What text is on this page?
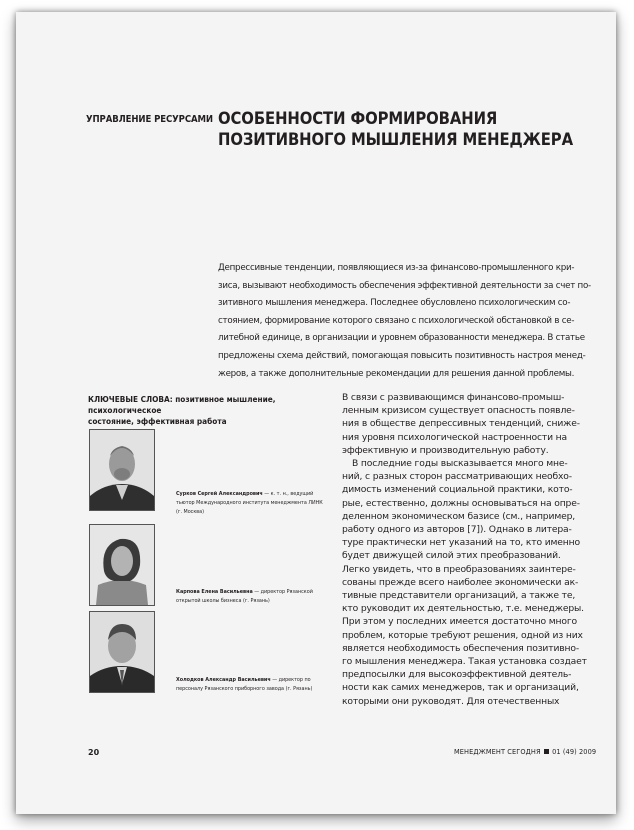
УПРАВЛЕНИЕ РЕСУРСАМИ ОСОБЕННОСТИ ФОРМИРОВАНИЯ
ПОЗИТИВНОГО МЫШЛЕНИЯ МЕНЕДЖЕРА
Депрессивные тенденции, появляющиеся из-за финансово-промышленного кри-
зиса, вызывают необходимость обеспечения эффективной деятельности за счет по-
зитивного мышления менеджера. Последнее обусловлено психологическим со-
стоянием, формирование которого связано с психологической обстановкой в се-
литебной единице, в организации и уровнем образованности менеджера. В статье
предложены схема действий, помогающая повысить позитивность настроя менед-
жеров, а также дополнительные рекомендации для решения данной проблемы.
КЛЮЧЕВЫЕ СЛОВА: позитивное мышление, психологическое
состояние, эффективная работа
Сурков Сергей Александрович — к. т. н., ведущий
тьютор Международного института менеджмента ЛИНК
(г. Москва)
Карпова Елена Васильевна — директор Рязанской
открытой школы бизнеса (г. Рязань)
Холодков Александр Васильевич — директор по
персоналу Рязанского приборного завода (г. Рязань)
В связи с развивающимся финансово-промыш-
ленным кризисом существует опасность появле-
ния в обществе депрессивных тенденций, сниже-
ния уровня психологической настроенности на
эффективную и производительную работу.
В последние годы высказывается много мне-
ний, с разных сторон рассматривающих необхо-
димость изменений социальной практики, кото-
рые, естественно, должны основываться на опре-
деленном экономическом базисе (см., например,
работу одного из авторов [7]). Однако в литера-
туре практически нет указаний на то, кто именно
будет движущей силой этих преобразований.
Легко увидеть, что в преобразованиях заинтере-
сованы прежде всего наиболее экономически ак-
тивные представители организаций, а также те,
кто руководит их деятельностью, т.е. менеджеры.
При этом у последних имеется достаточно много
проблем, которые требуют решения, одной из них
является необходимость обеспечения позитивно-
го мышления менеджера. Такая установка создает
предпосылки для высокоэффективной деятель-
ности как самих менеджеров, так и организаций,
которыми они руководят. Для отечественных
20	МЕНЕДЖМЕНТ СЕГОДНЯ 01 (49) 2009
